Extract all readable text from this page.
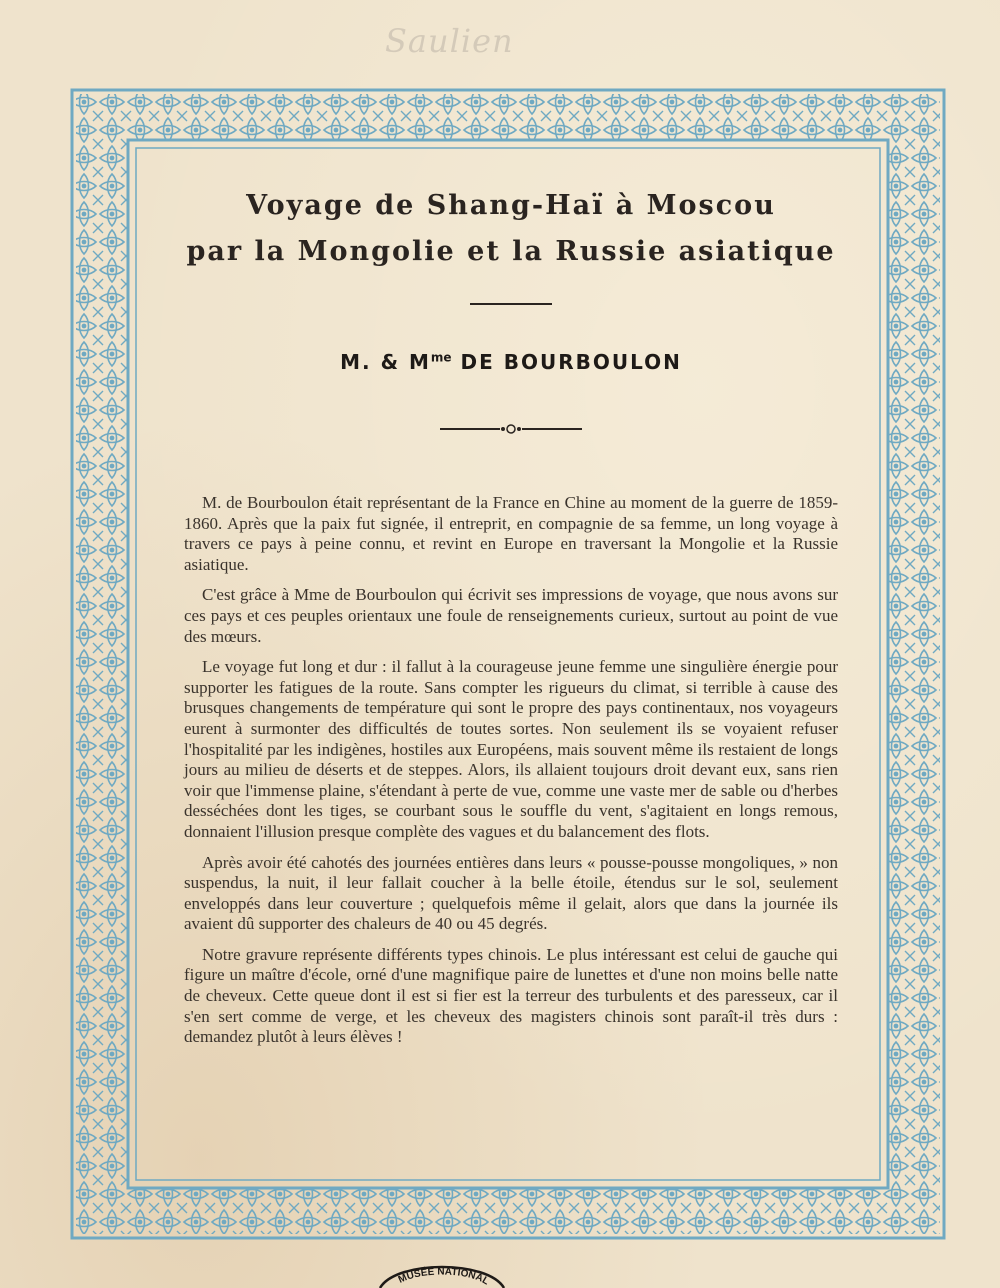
Saulien
Voyage de Shang-Haï à Moscou
par la Mongolie et la Russie asiatique
M. & $M^{me}$ DE BOURBOULON

M. de Bourboulon était représentant de la France en Chine au moment de la guerre de 1859-1860. Après que la paix fut signée, il entreprit, en compagnie de sa femme, un long voyage à travers ce pays à peine connu, et revint en Europe en traversant la Mongolie et la Russie asiatique.

C'est grâce à Mme de Bourboulon qui écrivit ses impressions de voyage, que nous avons sur ces pays et ces peuples orientaux une foule de renseignements curieux, surtout au point de vue des mœurs.

Le voyage fut long et dur : il fallut à la courageuse jeune femme une singulière énergie pour supporter les fatigues de la route. Sans compter les rigueurs du climat, si terrible à cause des brusques changements de température qui sont le propre des pays continentaux, nos voyageurs eurent à surmonter des difficultés de toutes sortes. Non seulement ils se voyaient refuser l'hospitalité par les indigènes, hostiles aux Européens, mais souvent même ils restaient de longs jours au milieu de déserts et de steppes. Alors, ils allaient toujours droit devant eux, sans rien voir que l'immense plaine, s'étendant à perte de vue, comme une vaste mer de sable ou d'herbes desséchées dont les tiges, se courbant sous le souffle du vent, s'agitaient en longs remous, donnaient l'illusion presque complète des vagues et du balancement des flots.

Après avoir été cahotés des journées entières dans leurs « pousse-pousse mongoliques, » non suspendus, la nuit, il leur fallait coucher à la belle étoile, étendus sur le sol, seulement enveloppés dans leur couverture ; quelquefois même il gelait, alors que dans la journée ils avaient dû supporter des chaleurs de 40 ou 45 degrés.

Notre gravure représente différents types chinois. Le plus intéressant est celui de gauche qui figure un maître d'école, orné d'une magnifique paire de lunettes et d'une non moins belle natte de cheveux. Cette queue dont il est si fier est la terreur des turbulents et des paresseux, car il s'en sert comme de verge, et les cheveux des magisters chinois sont paraît-il très durs : demandez plutôt à leurs élèves !

MUSÉE NATIONAL
